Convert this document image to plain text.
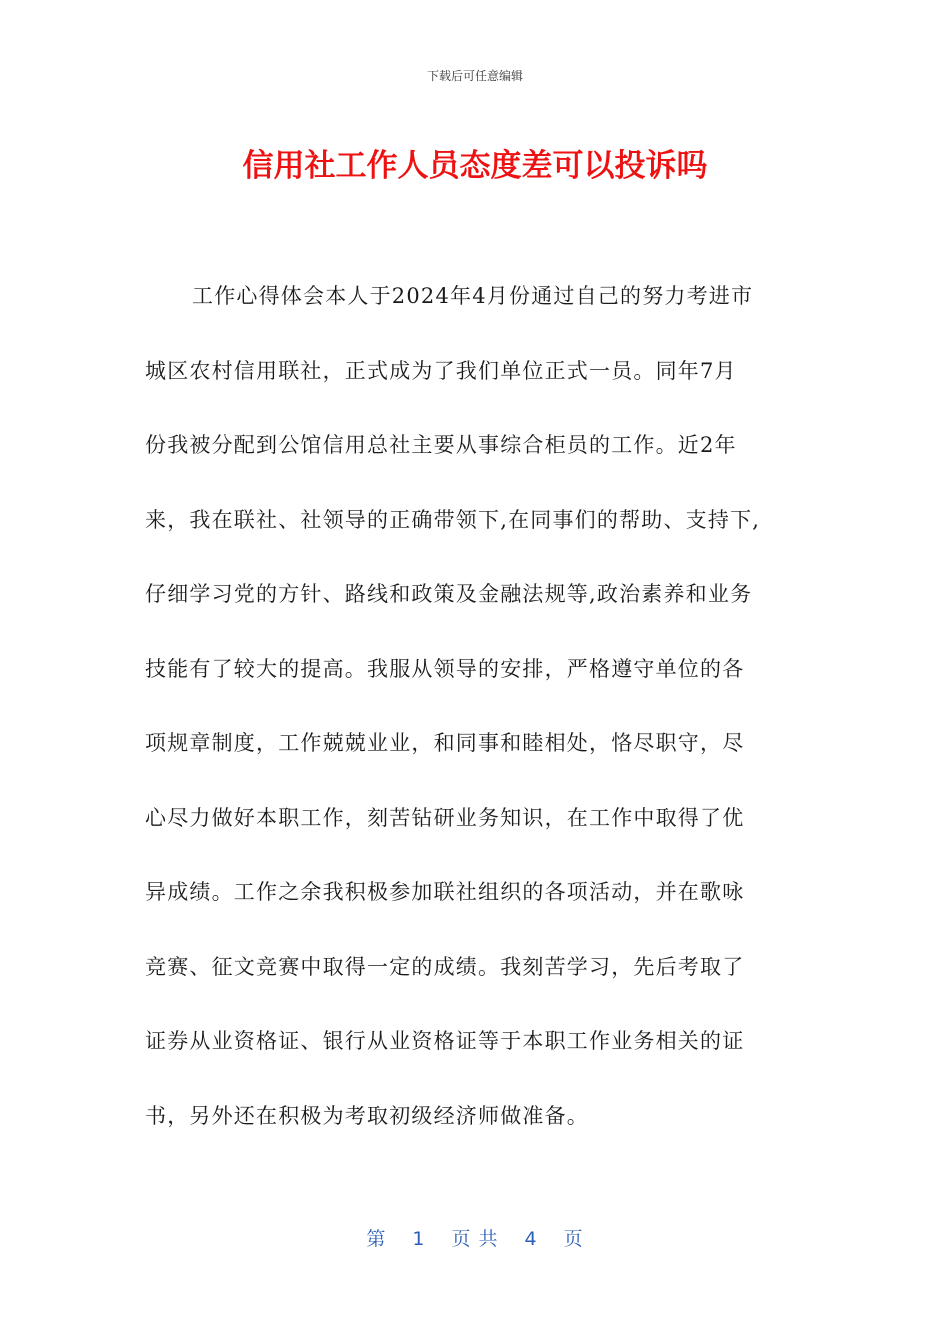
下载后可任意编辑
信用社工作人员态度差可以投诉吗
工作心得体会本人于2024年4月份通过自己的努力考进市
城区农村信用联社，正式成为了我们单位正式一员。同年7月
份我被分配到公馆信用总社主要从事综合柜员的工作。近2年
来，我在联社、社领导的正确带领下,在同事们的帮助、支持下,
仔细学习党的方针、路线和政策及金融法规等,政治素养和业务
技能有了较大的提高。我服从领导的安排，严格遵守单位的各
项规章制度，工作兢兢业业，和同事和睦相处，恪尽职守，尽
心尽力做好本职工作，刻苦钻研业务知识，在工作中取得了优
异成绩。工作之余我积极参加联社组织的各项活动，并在歌咏
竞赛、征文竞赛中取得一定的成绩。我刻苦学习，先后考取了
证券从业资格证、银行从业资格证等于本职工作业务相关的证
书，另外还在积极为考取初级经济师做准备。
第 1 页 共 4 页
